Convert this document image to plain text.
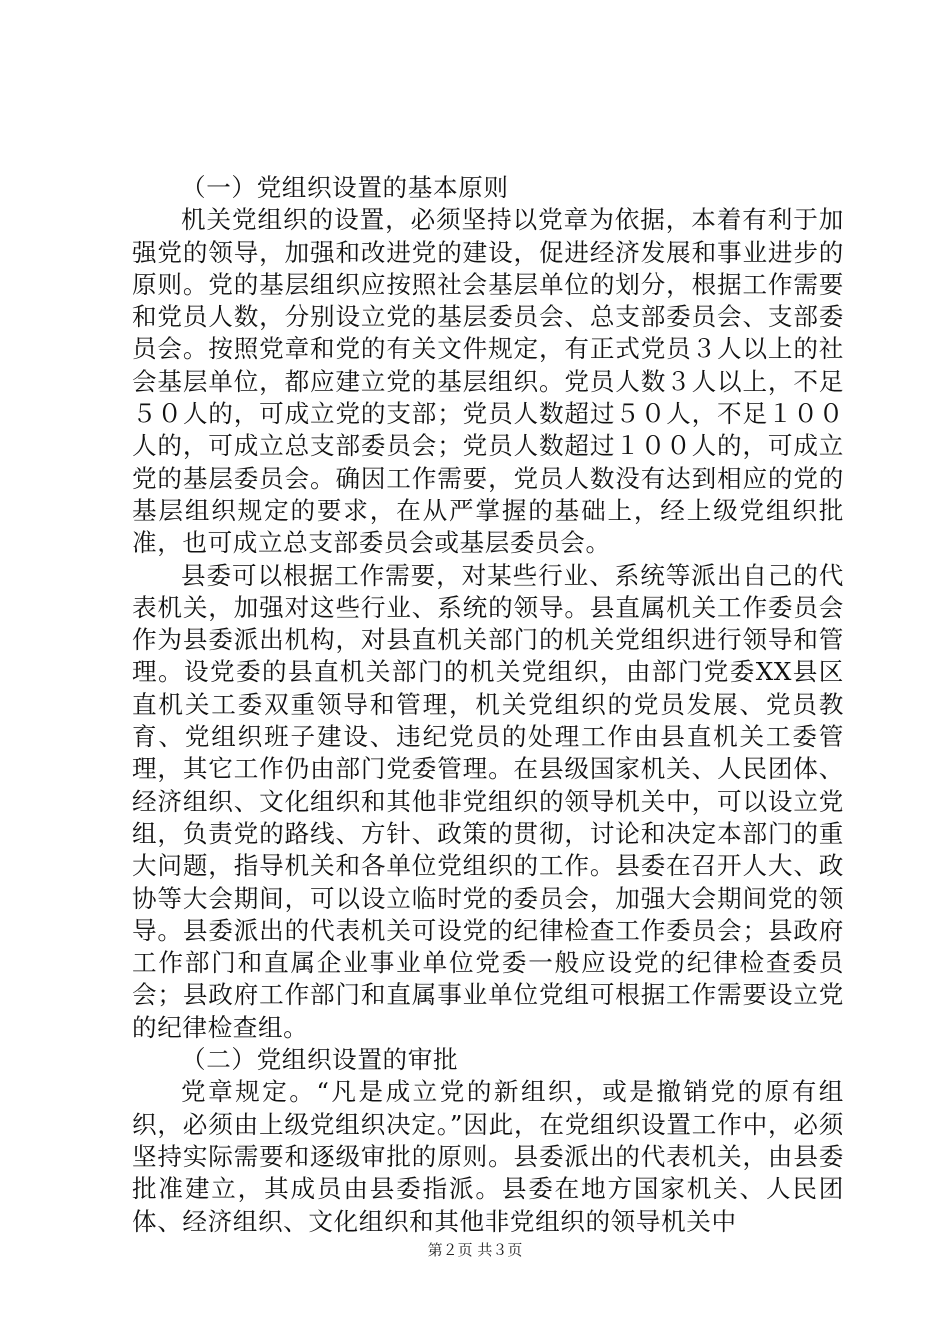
（一）党组织设置的基本原则

机关党组织的设置，必须坚持以党章为依据，本着有利于加强党的领导，加强和改进党的建设，促进经济发展和事业进步的原则。党的基层组织应按照社会基层单位的划分，根据工作需要和党员人数，分别设立党的基层委员会、总支部委员会、支部委员会。按照党章和党的有关文件规定，有正式党员３人以上的社会基层单位，都应建立党的基层组织。党员人数３人以上，不足５０人的，可成立党的支部；党员人数超过５０人，不足１００人的，可成立总支部委员会；党员人数超过１００人的，可成立党的基层委员会。确因工作需要，党员人数没有达到相应的党的基层组织规定的要求，在从严掌握的基础上，经上级党组织批准，也可成立总支部委员会或基层委员会。

县委可以根据工作需要，对某些行业、系统等派出自己的代表机关，加强对这些行业、系统的领导。县直属机关工作委员会作为县委派出机构，对县直机关部门的机关党组织进行领导和管理。设党委的县直机关部门的机关党组织，由部门党委XX县区直机关工委双重领导和管理，机关党组织的党员发展、党员教育、党组织班子建设、违纪党员的处理工作由县直机关工委管理，其它工作仍由部门党委管理。在县级国家机关、人民团体、经济组织、文化组织和其他非党组织的领导机关中，可以设立党组，负责党的路线、方针、政策的贯彻，讨论和决定本部门的重大问题，指导机关和各单位党组织的工作。县委在召开人大、政协等大会期间，可以设立临时党的委员会，加强大会期间党的领导。县委派出的代表机关可设党的纪律检查工作委员会；县政府工作部门和直属企业事业单位党委一般应设党的纪律检查委员会；县政府工作部门和直属事业单位党组可根据工作需要设立党的纪律检查组。

（二）党组织设置的审批

党章规定。“凡是成立党的新组织，或是撤销党的原有组织，必须由上级党组织决定。”因此，在党组织设置工作中，必须坚持实际需要和逐级审批的原则。县委派出的代表机关，由县委批准建立，其成员由县委指派。县委在地方国家机关、人民团体、经济组织、文化组织和其他非党组织的领导机关中

第２页 共３页
